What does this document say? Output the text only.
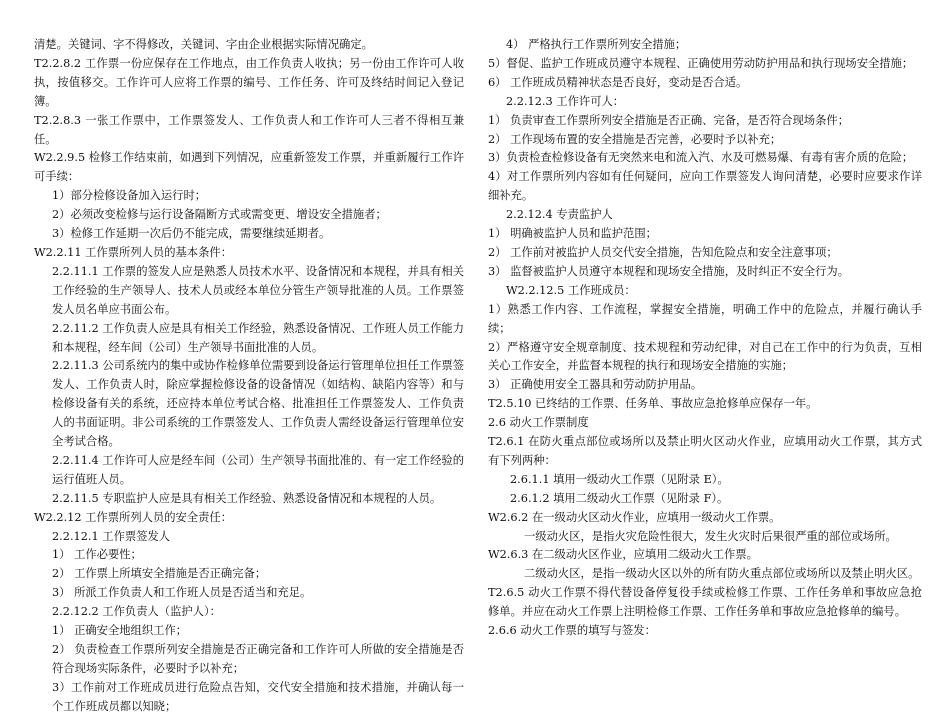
清楚。关键词、字不得修改，关键词、字由企业根据实际情况确定。

T2.2.8.2 工作票一份应保存在工作地点，由工作负责人收执；另一份由工作许可人收执，按值移交。工作许可人应将工作票的编号、工作任务、许可及终结时间记入登记簿。

T2.2.8.3 一张工作票中，工作票签发人、工作负责人和工作许可人三者不得相互兼任。

W2.2.9.5 检修工作结束前，如遇到下列情况，应重新签发工作票，并重新履行工作许可手续：

1）部分检修设备加入运行时；

2）必须改变检修与运行设备隔断方式或需变更、增设安全措施者；

3）检修工作延期一次后仍不能完成，需要继续延期者。

W2.2.11 工作票所列人员的基本条件：

2.2.11.1 工作票的签发人应是熟悉人员技术水平、设备情况和本规程，并具有相关工作经验的生产领导人、技术人员或经本单位分管生产领导批准的人员。工作票签发人员名单应书面公布。

2.2.11.2 工作负责人应是具有相关工作经验，熟悉设备情况、工作班人员工作能力和本规程，经车间（公司）生产领导书面批准的人员。

2.2.11.3 公司系统内的集中或协作检修单位需要到设备运行管理单位担任工作票签发人、工作负责人时，除应掌握检修设备的设备情况（如结构、缺陷内容等）和与检修设备有关的系统，还应持本单位考试合格、批准担任工作票签发人、工作负责人的书面证明。非公司系统的工作票签发人、工作负责人需经设备运行管理单位安全考试合格。

2.2.11.4 工作许可人应是经车间（公司）生产领导书面批准的、有一定工作经验的运行值班人员。

2.2.11.5 专职监护人应是具有相关工作经验、熟悉设备情况和本规程的人员。

W2.2.12 工作票所列人员的安全责任：

2.2.12.1 工作票签发人

1） 工作必要性；

2） 工作票上所填安全措施是否正确完备；

3） 所派工作负责人和工作班人员是否适当和充足。

2.2.12.2 工作负责人（监护人）：

1） 正确安全地组织工作；

2） 负责检查工作票所列安全措施是否正确完备和工作许可人所做的安全措施是否符合现场实际条件，必要时予以补充；

3）工作前对工作班成员进行危险点告知，交代安全措施和技术措施，并确认每一个工作班成员都以知晓；

4） 严格执行工作票所列安全措施；

5）督促、监护工作班成员遵守本规程、正确使用劳动防护用品和执行现场安全措施；

6） 工作班成员精神状态是否良好，变动是否合适。

2.2.12.3 工作许可人：

1） 负责审查工作票所列安全措施是否正确、完备，是否符合现场条件；

2） 工作现场布置的安全措施是否完善，必要时予以补充；

3）负责检查检修设备有无突然来电和流入汽、水及可燃易爆、有毒有害介质的危险；

4）对工作票所列内容如有任何疑问，应向工作票签发人询问清楚，必要时应要求作详细补充。

2.2.12.4 专责监护人

1） 明确被监护人员和监护范围；

2） 工作前对被监护人员交代安全措施，告知危险点和安全注意事项；

3） 监督被监护人员遵守本规程和现场安全措施，及时纠正不安全行为。

W2.2.12.5 工作班成员：

1）熟悉工作内容、工作流程，掌握安全措施，明确工作中的危险点，并履行确认手续；

2）严格遵守安全规章制度、技术规程和劳动纪律，对自己在工作中的行为负责，互相关心工作安全，并监督本规程的执行和现场安全措施的实施；

3） 正确使用安全工器具和劳动防护用品。

T2.5.10 已终结的工作票、任务单、事故应急抢修单应保存一年。

2.6 动火工作票制度

T2.6.1 在防火重点部位或场所以及禁止明火区动火作业，应填用动火工作票，其方式有下列两种：

2.6.1.1 填用一级动火工作票（见附录 E）。

2.6.1.2 填用二级动火工作票（见附录 F）。

W2.6.2 在一级动火区动火作业，应填用一级动火工作票。

一级动火区，是指火灾危险性很大，发生火灾时后果很严重的部位或场所。

W2.6.3 在二级动火区作业，应填用二级动火工作票。

二级动火区，是指一级动火区以外的所有防火重点部位或场所以及禁止明火区。

T2.6.5 动火工作票不得代替设备停复役手续或检修工作票、工作任务单和事故应急抢修单。并应在动火工作票上注明检修工作票、工作任务单和事故应急抢修单的编号。

2.6.6 动火工作票的填写与签发：
